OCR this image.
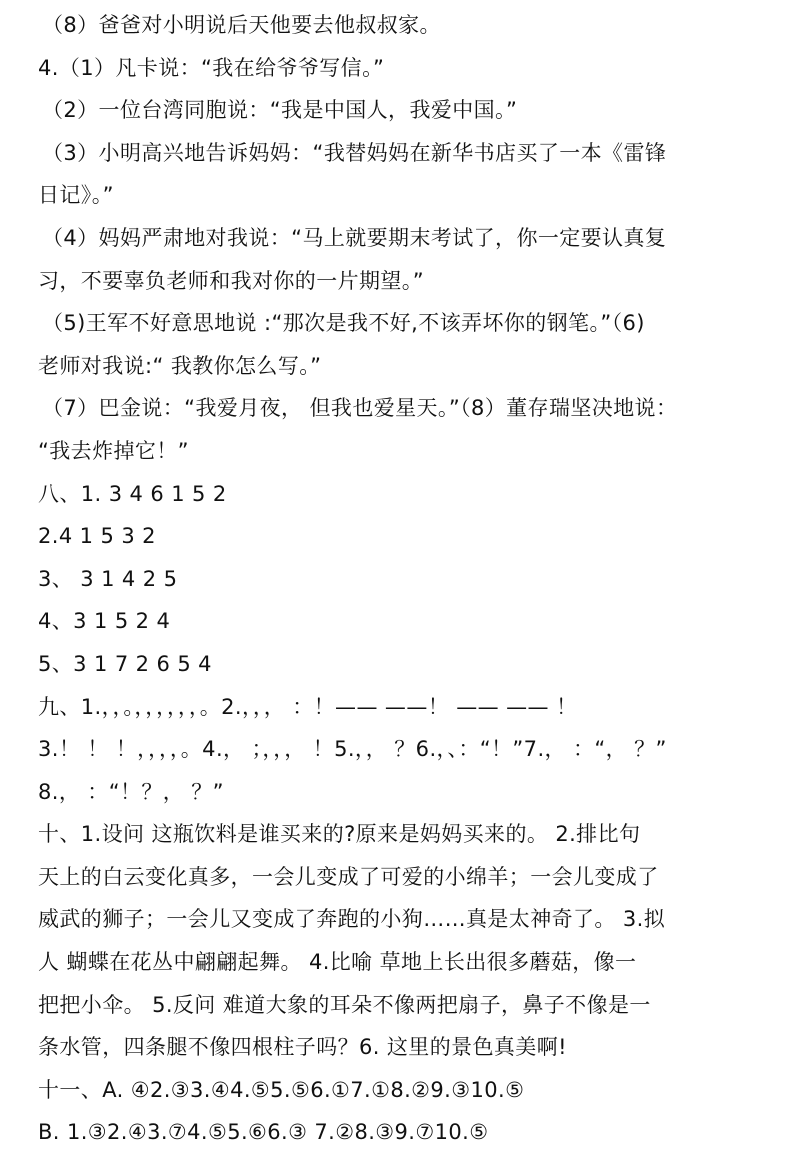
（8）爸爸对小明说后天他要去他叔叔家。
4.（1）凡卡说：“我在给爷爷写信。”
（2）一位台湾同胞说：“我是中国人，我爱中国。”
（3）小明高兴地告诉妈妈：“我替妈妈在新华书店买了一本《雷锋
日记》。”
（4）妈妈严肃地对我说：“马上就要期末考试了，你一定要认真复
习，不要辜负老师和我对你的一片期望。”
（5)王军不好意思地说 :“那次是我不好,不该弄坏你的钢笔。”（6)
老师对我说:“ 我教你怎么写。”
（7）巴金说：“我爱月夜， 但我也爱星天。”（8）董存瑞坚决地说：
“我去炸掉它！”
八、1. 3 4 6 1 5 2
2.4 1 5 3 2
3、 3 1 4 2 5
4、3 1 5 2 4
5、3 1 7 2 6 5 4
九、1.，，。，，，，，，。2.，，， ：！—— ——！ —— —— ！
3.！ ！ ！，，，，。4.， ；，，， ！5.，， ？6.，、：“！”7.， ：“， ？”
8.， ：“！？， ？”
十、1.设问 这瓶饮料是谁买来的?原来是妈妈买来的。 2.排比句
天上的白云变化真多，一会儿变成了可爱的小绵羊；一会儿变成了
威武的狮子；一会儿又变成了奔跑的小狗……真是太神奇了。 3.拟
人 蝴蝶在花丛中翩翩起舞。 4.比喻 草地上长出很多蘑菇，像一
把把小伞。 5.反问 难道大象的耳朵不像两把扇子，鼻子不像是一
条水管，四条腿不像四根柱子吗？6. 这里的景色真美啊!
十一、A. ④2.③3.④4.⑤5.⑤6.①7.①8.②9.③10.⑤
B. 1.③2.④3.⑦4.⑤5.⑥6.③ 7.②8.③9.⑦10.⑤
